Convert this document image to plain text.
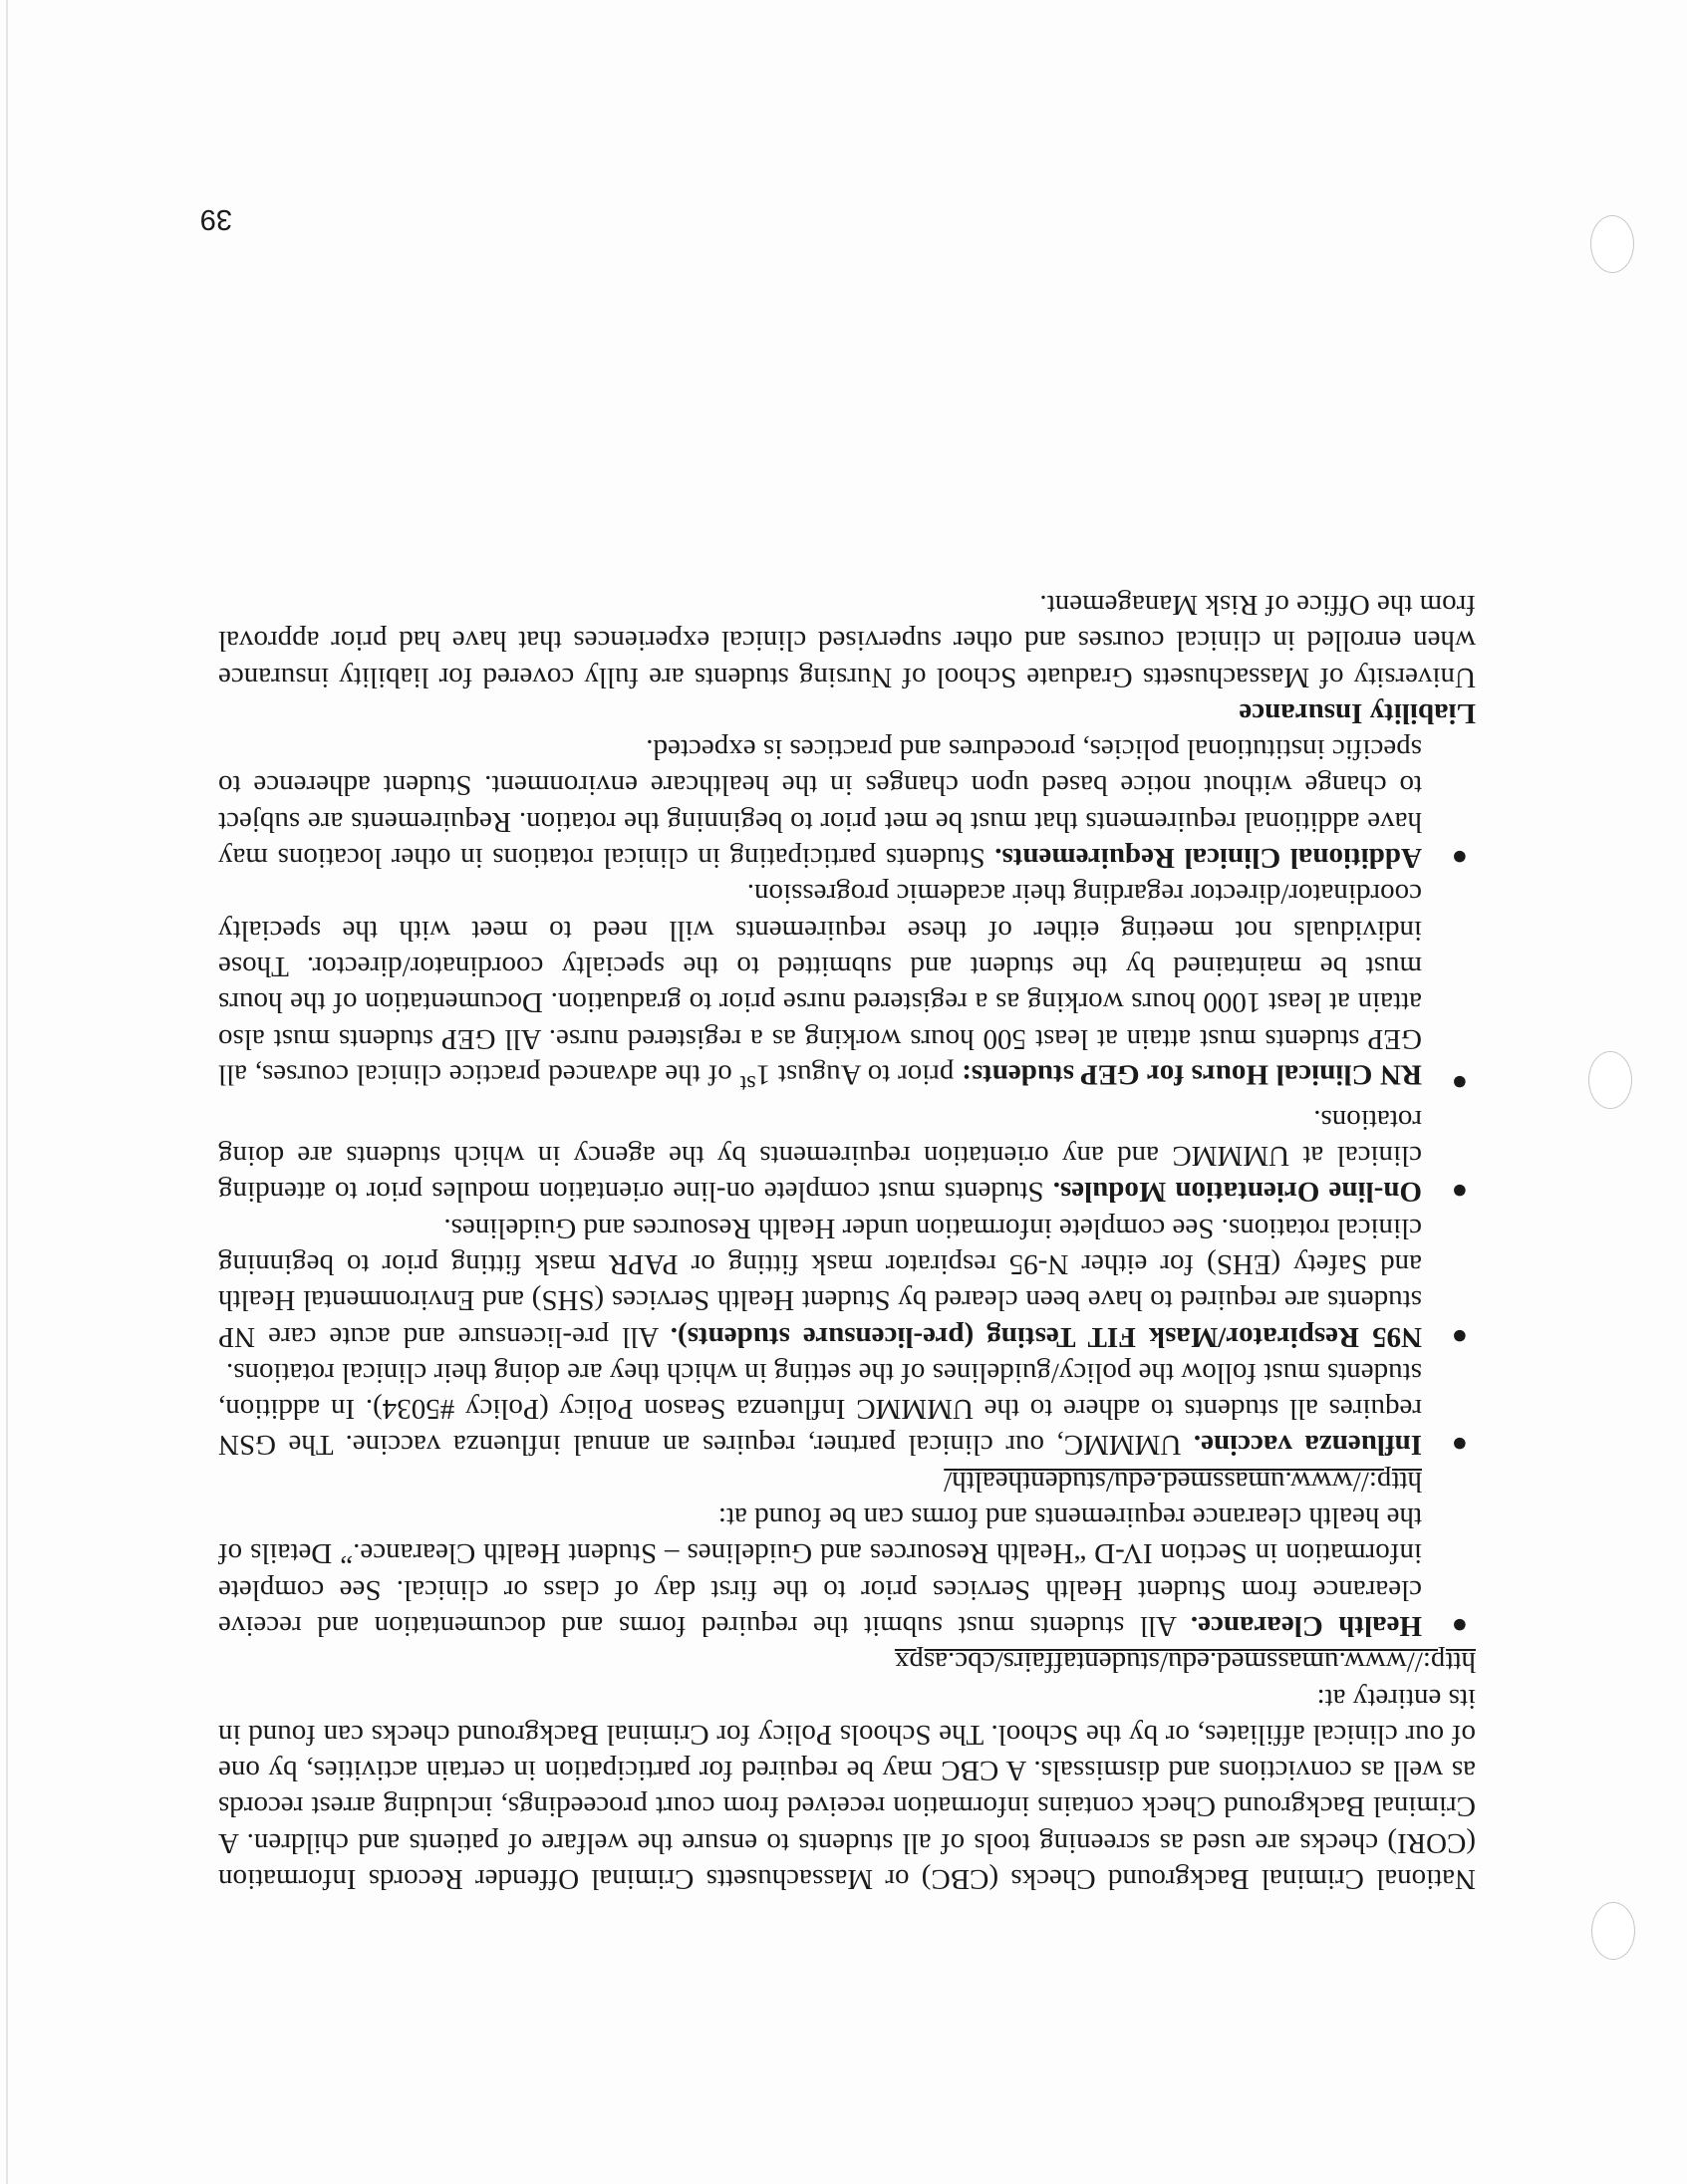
National Criminal Background Checks (CBC) or Massachusetts Criminal Offender Records Information (CORI) checks are used as screening tools of all students to ensure the welfare of patients and children. A Criminal Background Check contains information received from court proceedings, including arrest records as well as convictions and dismissals. A CBC may be required for participation in certain activities, by one of our clinical affiliates, or by the School. The Schools Policy for Criminal Background checks can found in its entirety at:
http://www.umassmed.edu/studentaffairs/cbc.aspx

●
Health Clearance. All students must submit the required forms and documentation and receive clearance from Student Health Services prior to the first day of class or clinical. See complete information in Section IV-D “Health Resources and Guidelines – Student Health Clearance.” Details of the health clearance requirements and forms can be found at:
http://www.umassmed.edu/studenthealth/
●
Influenza vaccine. UMMMC, our clinical partner, requires an annual influenza vaccine. The GSN requires all students to adhere to the UMMMC Influenza Season Policy (Policy #5034). In addition, students must follow the policy/guidelines of the setting in which they are doing their clinical rotations.
●
N95 Respirator/Mask FIT Testing (pre-licensure students). All pre-licensure and acute care NP students are required to have been cleared by Student Health Services (SHS) and Environmental Health and Safety (EHS) for either N-95 respirator mask fitting or PAPR mask fitting prior to beginning clinical rotations. See complete information under Health Resources and Guidelines.
●
On-line Orientation Modules. Students must complete on-line orientation modules prior to attending clinical at UMMMC and any orientation requirements by the agency in which students are doing rotations.
●
RN Clinical Hours for GEP students: prior to August 1st of the advanced practice clinical courses, all GEP students must attain at least 500 hours working as a registered nurse. All GEP students must also attain at least 1000 hours working as a registered nurse prior to graduation. Documentation of the hours must be maintained by the student and submitted to the specialty coordinator/director. Those individuals not meeting either of these requirements will need to meet with the specialty coordinator/director regarding their academic progression.
●
Additional Clinical Requirements. Students participating in clinical rotations in other locations may have additional requirements that must be met prior to beginning the rotation. Requirements are subject to change without notice based upon changes in the healthcare environment. Student adherence to specific institutional policies, procedures and practices is expected.

Liability Insurance

University of Massachusetts Graduate School of Nursing students are fully covered for liability insurance when enrolled in clinical courses and other supervised clinical experiences that have had prior approval from the Office of Risk Management.

39
